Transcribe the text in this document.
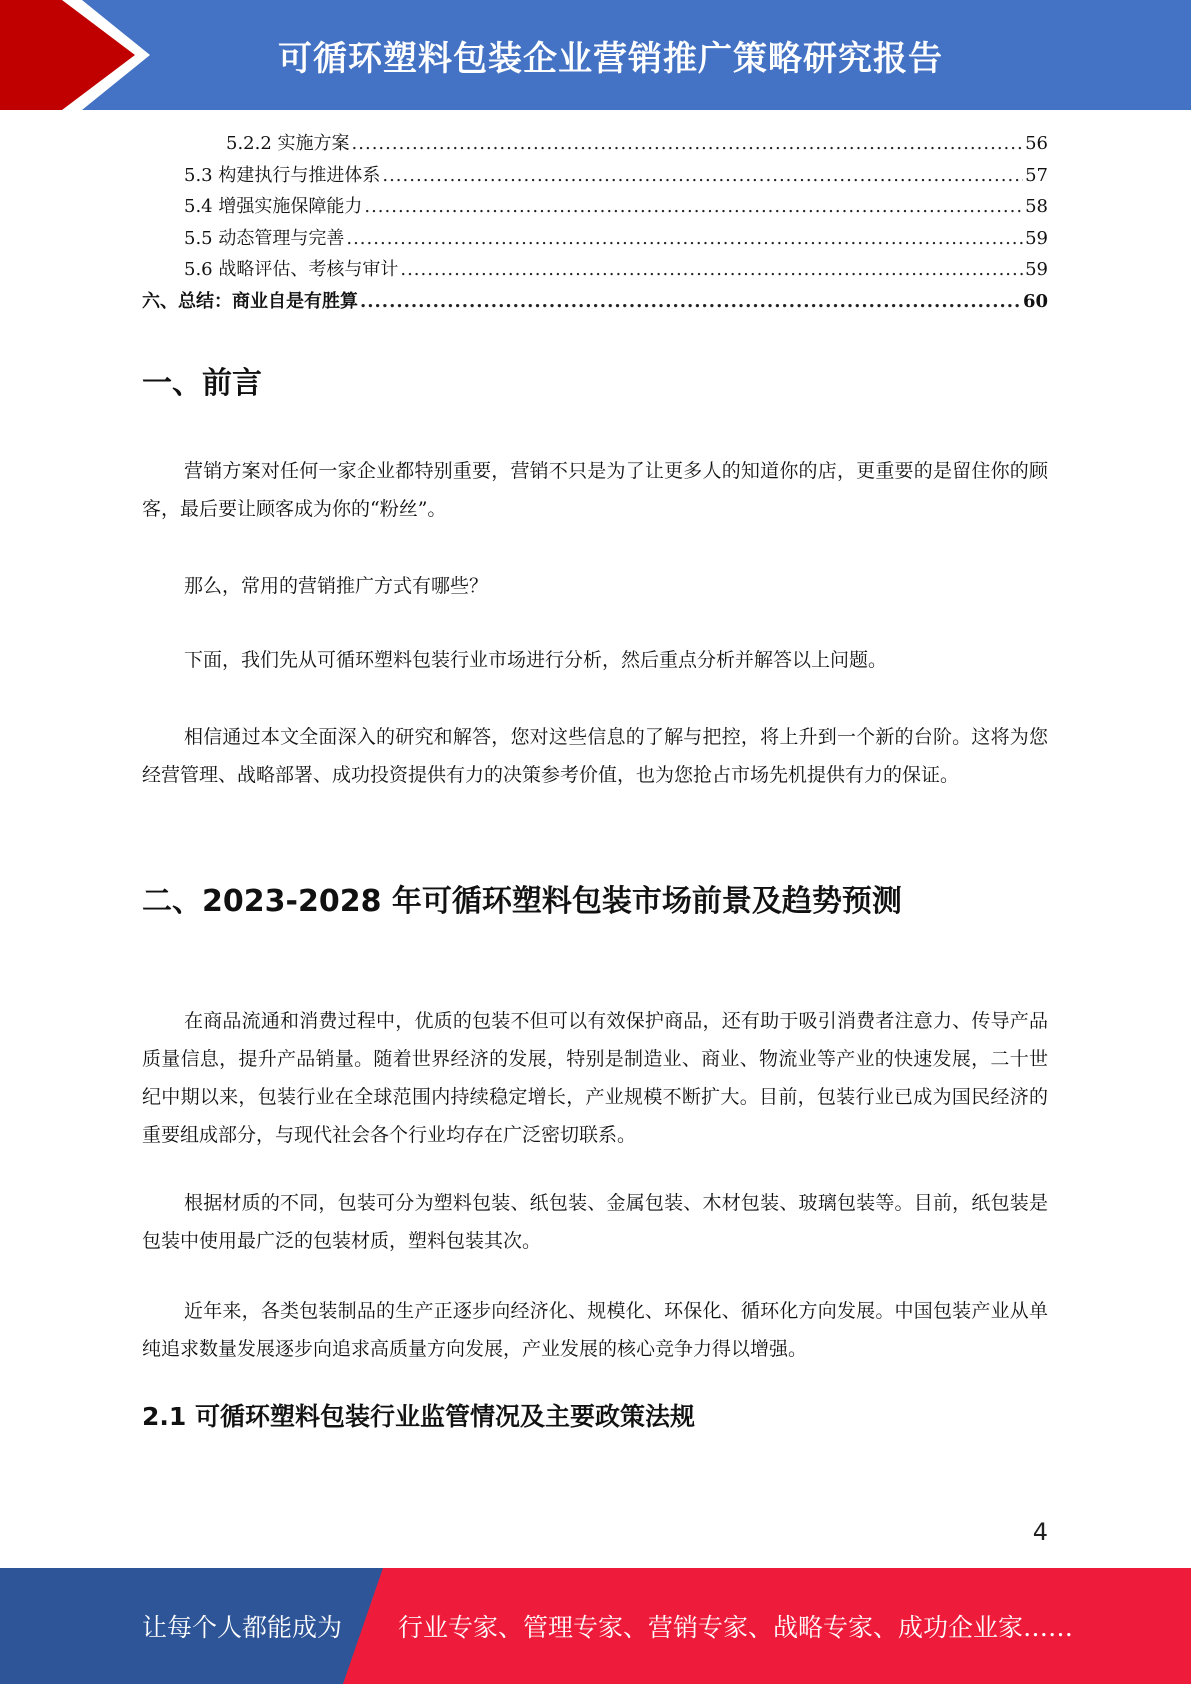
可循环塑料包装企业营销推广策略研究报告
5.2.2 实施方案 .....	56
5.3 构建执行与推进体系 .....	57
5.4 增强实施保障能力 .....	58
5.5 动态管理与完善 .....	59
5.6 战略评估、考核与审计 .....	59
六、总结：商业自是有胜算 .....	60
一、前言

营销方案对任何一家企业都特别重要，营销不只是为了让更多人的知道你的店，更重要的是留住你的顾客，最后要让顾客成为你的“粉丝”。

那么，常用的营销推广方式有哪些？

下面，我们先从可循环塑料包装行业市场进行分析，然后重点分析并解答以上问题。

相信通过本文全面深入的研究和解答，您对这些信息的了解与把控，将上升到一个新的台阶。这将为您经营管理、战略部署、成功投资提供有力的决策参考价值，也为您抢占市场先机提供有力的保证。

二、2023-2028 年可循环塑料包装市场前景及趋势预测

在商品流通和消费过程中，优质的包装不但可以有效保护商品，还有助于吸引消费者注意力、传导产品质量信息，提升产品销量。随着世界经济的发展，特别是制造业、商业、物流业等产业的快速发展，二十世纪中期以来，包装行业在全球范围内持续稳定增长，产业规模不断扩大。目前，包装行业已成为国民经济的重要组成部分，与现代社会各个行业均存在广泛密切联系。

根据材质的不同，包装可分为塑料包装、纸包装、金属包装、木材包装、玻璃包装等。目前，纸包装是包装中使用最广泛的包装材质，塑料包装其次。

近年来，各类包装制品的生产正逐步向经济化、规模化、环保化、循环化方向发展。中国包装产业从单纯追求数量发展逐步向追求高质量方向发展，产业发展的核心竞争力得以增强。

2.1 可循环塑料包装行业监管情况及主要政策法规
4
让每个人都能成为 行业专家、管理专家、营销专家、战略专家、成功企业家……
